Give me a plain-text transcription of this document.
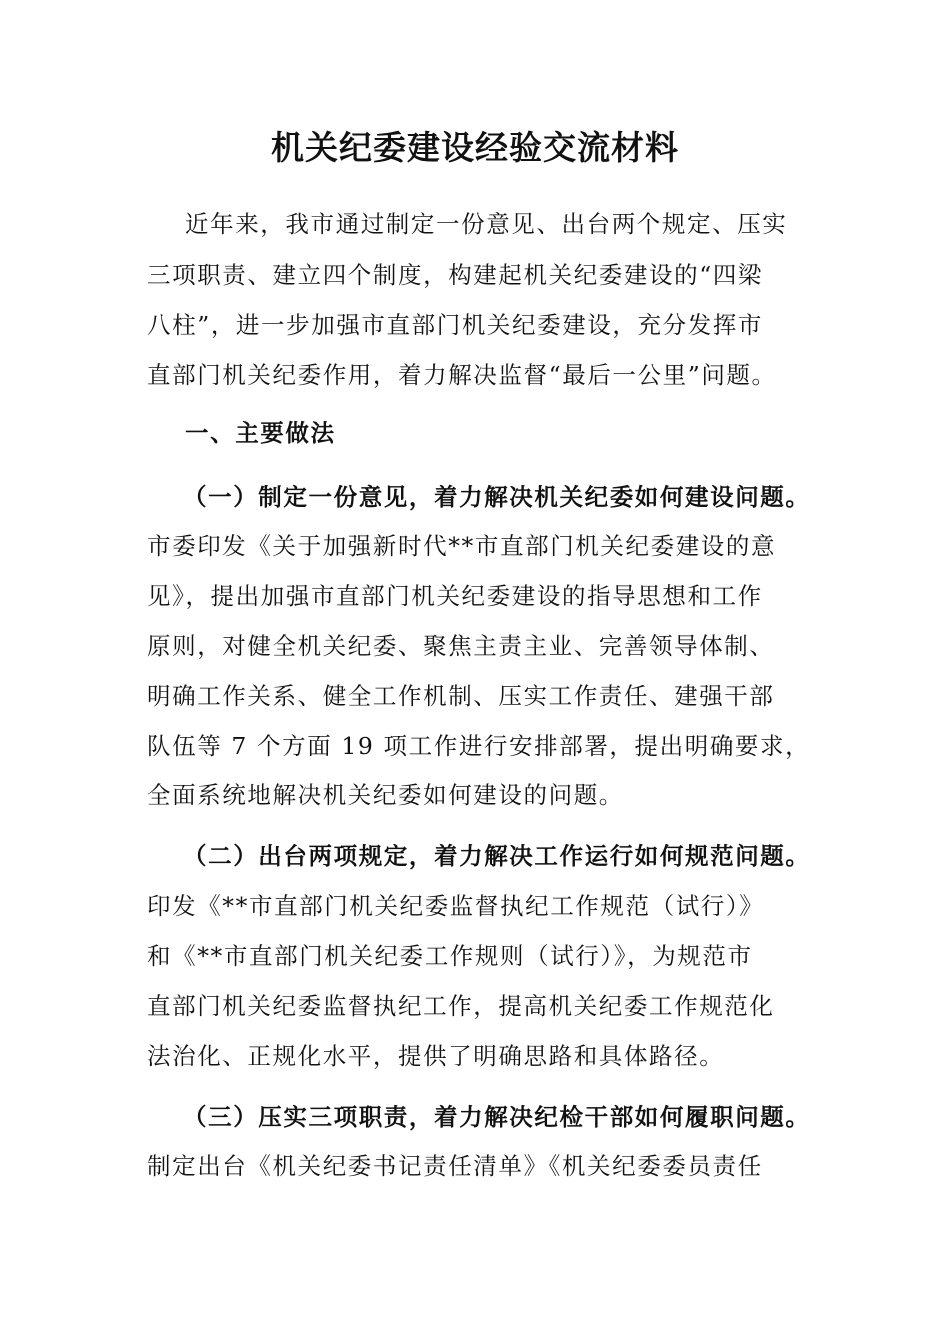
机关纪委建设经验交流材料
近年来，我市通过制定一份意见、出台两个规定、压实
三项职责、建立四个制度，构建起机关纪委建设的“四梁
八柱”，进一步加强市直部门机关纪委建设，充分发挥市
直部门机关纪委作用，着力解决监督“最后一公里”问题。
一、主要做法
（一）制定一份意见，着力解决机关纪委如何建设问题。
市委印发《关于加强新时代**市直部门机关纪委建设的意
见》，提出加强市直部门机关纪委建设的指导思想和工作
原则，对健全机关纪委、聚焦主责主业、完善领导体制、
明确工作关系、健全工作机制、压实工作责任、建强干部
队伍等 7 个方面 19 项工作进行安排部署，提出明确要求，
全面系统地解决机关纪委如何建设的问题。
（二）出台两项规定，着力解决工作运行如何规范问题。
印发《**市直部门机关纪委监督执纪工作规范（试行）》
和《**市直部门机关纪委工作规则（试行）》，为规范市
直部门机关纪委监督执纪工作，提高机关纪委工作规范化
法治化、正规化水平，提供了明确思路和具体路径。
（三）压实三项职责，着力解决纪检干部如何履职问题。
制定出台《机关纪委书记责任清单》《机关纪委委员责任
